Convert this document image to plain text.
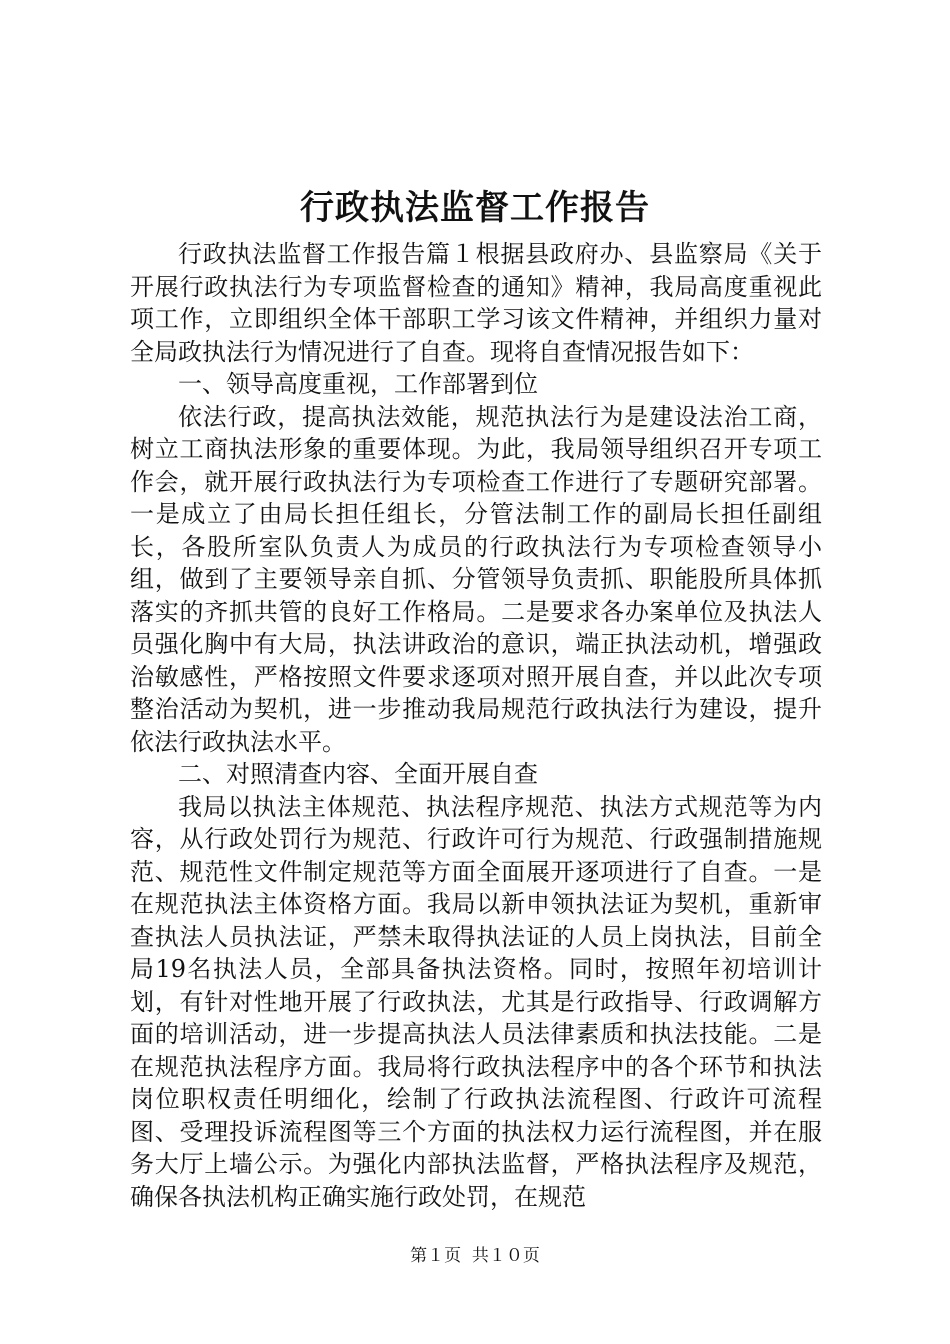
行政执法监督工作报告

行政执法监督工作报告篇１根据县政府办、县监察局《关于开展行政执法行为专项监督检查的通知》精神，我局高度重视此项工作，立即组织全体干部职工学习该文件精神，并组织力量对全局政执法行为情况进行了自查。现将自查情况报告如下：

一、领导高度重视，工作部署到位

依法行政，提高执法效能，规范执法行为是建设法治工商，树立工商执法形象的重要体现。为此，我局领导组织召开专项工作会，就开展行政执法行为专项检查工作进行了专题研究部署。一是成立了由局长担任组长，分管法制工作的副局长担任副组长，各股所室队负责人为成员的行政执法行为专项检查领导小组，做到了主要领导亲自抓、分管领导负责抓、职能股所具体抓落实的齐抓共管的良好工作格局。二是要求各办案单位及执法人员强化胸中有大局，执法讲政治的意识，端正执法动机，增强政治敏感性，严格按照文件要求逐项对照开展自查，并以此次专项整治活动为契机，进一步推动我局规范行政执法行为建设，提升依法行政执法水平。

二、对照清查内容、全面开展自查

我局以执法主体规范、执法程序规范、执法方式规范等为内容，从行政处罚行为规范、行政许可行为规范、行政强制措施规范、规范性文件制定规范等方面全面展开逐项进行了自查。一是在规范执法主体资格方面。我局以新申领执法证为契机，重新审查执法人员执法证，严禁未取得执法证的人员上岗执法，目前全局19名执法人员，全部具备执法资格。同时，按照年初培训计划，有针对性地开展了行政执法，尤其是行政指导、行政调解方面的培训活动，进一步提高执法人员法律素质和执法技能。二是在规范执法程序方面。我局将行政执法程序中的各个环节和执法岗位职权责任明细化，绘制了行政执法流程图、行政许可流程图、受理投诉流程图等三个方面的执法权力运行流程图，并在服务大厅上墙公示。为强化内部执法监督，严格执法程序及规范，确保各执法机构正确实施行政处罚，在规范

第１页 共１０页
